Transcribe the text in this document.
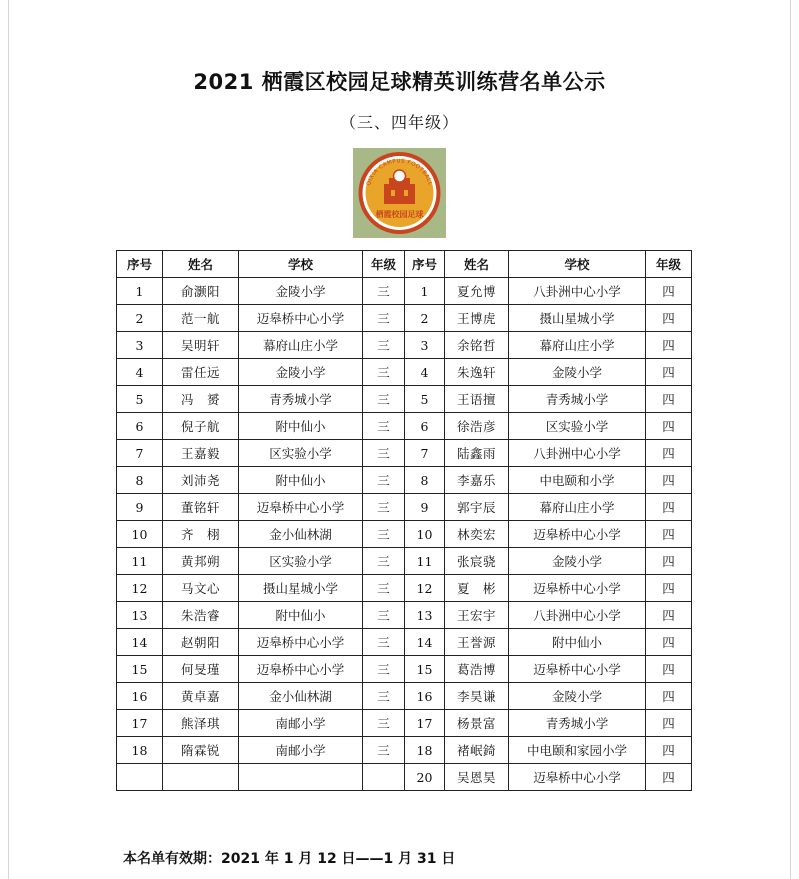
2021 栖霞区校园足球精英训练营名单公示
（三、四年级）
QIXIA CAMPUS FOOTBALL
栖霞校园足球
序号	姓名	学校	年级	序号	姓名	学校	年级
1	俞灏阳	金陵小学	三	1	夏允博	八卦洲中心小学	四
2	范一航	迈皋桥中心小学	三	2	王博虎	摄山星城小学	四
3	吴明轩	幕府山庄小学	三	3	余铭哲	幕府山庄小学	四
4	雷任远	金陵小学	三	4	朱逸轩	金陵小学	四
5	冯　赟	青秀城小学	三	5	王语擅	青秀城小学	四
6	倪子航	附中仙小	三	6	徐浩彦	区实验小学	四
7	王嘉毅	区实验小学	三	7	陆鑫雨	八卦洲中心小学	四
8	刘沛尧	附中仙小	三	8	李嘉乐	中电颐和小学	四
9	董铭轩	迈皋桥中心小学	三	9	郭宇辰	幕府山庄小学	四
10	齐　栩	金小仙林湖	三	10	林奕宏	迈皋桥中心小学	四
11	黄邦朔	区实验小学	三	11	张宸骁	金陵小学	四
12	马文心	摄山星城小学	三	12	夏　彬	迈皋桥中心小学	四
13	朱浩睿	附中仙小	三	13	王宏宇	八卦洲中心小学	四
14	赵朝阳	迈皋桥中心小学	三	14	王誉源	附中仙小	四
15	何旻瑾	迈皋桥中心小学	三	15	葛浩博	迈皋桥中心小学	四
16	黄卓嘉	金小仙林湖	三	16	李昊谦	金陵小学	四
17	熊泽琪	南邮小学	三	17	杨景富	青秀城小学	四
18	隋霖锐	南邮小学	三	18	褚岷錡	中电颐和家园小学	四
				20	吴恩昊	迈皋桥中心小学	四
本名单有效期：2021 年 1 月 12 日——1 月 31 日
